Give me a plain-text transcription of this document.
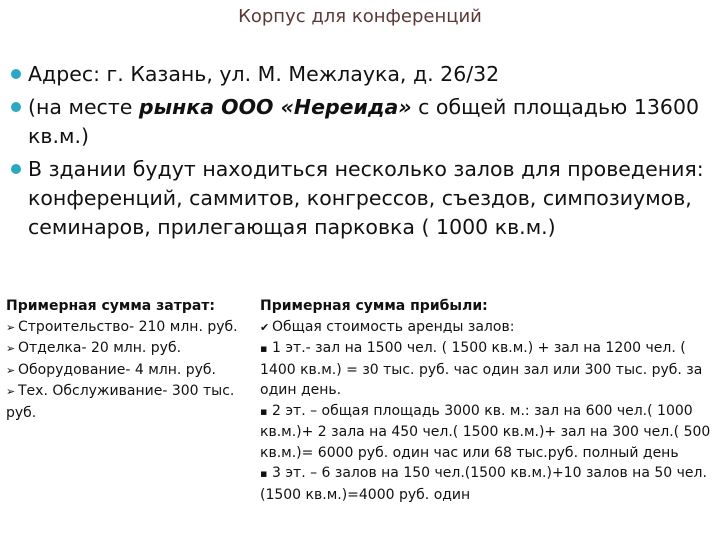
Корпус для конференций
Адрес: г. Казань, ул. М. Межлаука, д. 26/32
(на месте рынка ООО «Нереида» с общей площадью 13600 кв.м.)
В здании будут находиться несколько залов для проведения: конференций, саммитов, конгрессов, съездов, симпозиумов, семинаров, прилегающая парковка ( 1000 кв.м.)
Примерная сумма затрат:
➢ Строительство- 210 млн. руб.
➢ Отделка- 20 млн. руб.
➢ Оборудование- 4 млн. руб.
➢ Тех. Обслуживание- 300 тыс. руб.
Примерная сумма прибыли:
✔ Общая стоимость аренды залов:
▪ 1 эт.- зал на 1500 чел. ( 1500 кв.м.) + зал на 1200 чел. ( 1400 кв.м.) = з0 тыс. руб. час один зал или 300 тыс. руб. за один день.
▪ 2 эт. – общая площадь 3000 кв. м.: зал на 600 чел.( 1000 кв.м.)+ 2 зала на 450 чел.( 1500 кв.м.)+ зал на 300 чел.( 500 кв.м.)= 6000 руб. один час или 68 тыс.руб. полный день
▪ 3 эт. – 6 залов на 150 чел.(1500 кв.м.)+10 залов на 50 чел.(1500 кв.м.)=4000 руб. один
